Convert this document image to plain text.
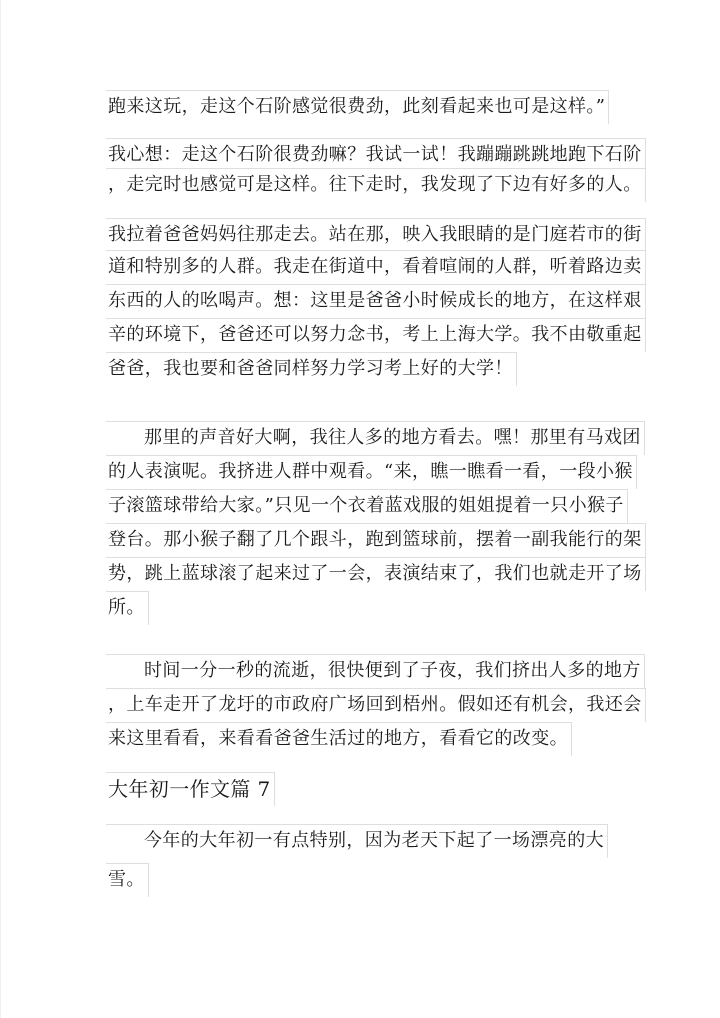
跑来这玩，走这个石阶感觉很费劲，此刻看起来也可是这样。”
我心想：走这个石阶很费劲嘛？我试一试！我蹦蹦跳跳地跑下石阶
，走完时也感觉可是这样。往下走时，我发现了下边有好多的人。
我拉着爸爸妈妈往那走去。站在那，映入我眼睛的是门庭若市的街
道和特别多的人群。我走在街道中，看着喧闹的人群，听着路边卖
东西的人的吆喝声。想：这里是爸爸小时候成长的地方，在这样艰
辛的环境下，爸爸还可以努力念书，考上上海大学。我不由敬重起
爸爸，我也要和爸爸同样努力学习考上好的大学！
那里的声音好大啊，我往人多的地方看去。嘿！那里有马戏团
的人表演呢。我挤进人群中观看。“来，瞧一瞧看一看，一段小猴
子滚篮球带给大家。”只见一个衣着蓝戏服的姐姐提着一只小猴子
登台。那小猴子翻了几个跟斗，跑到篮球前，摆着一副我能行的架
势，跳上蓝球滚了起来过了一会，表演结束了，我们也就走开了场
所。
时间一分一秒的流逝，很快便到了子夜，我们挤出人多的地方
，上车走开了龙圩的市政府广场回到梧州。假如还有机会，我还会
来这里看看，来看看爸爸生活过的地方，看看它的改变。
大年初一作文篇 7
今年的大年初一有点特别，因为老天下起了一场漂亮的大
雪。
